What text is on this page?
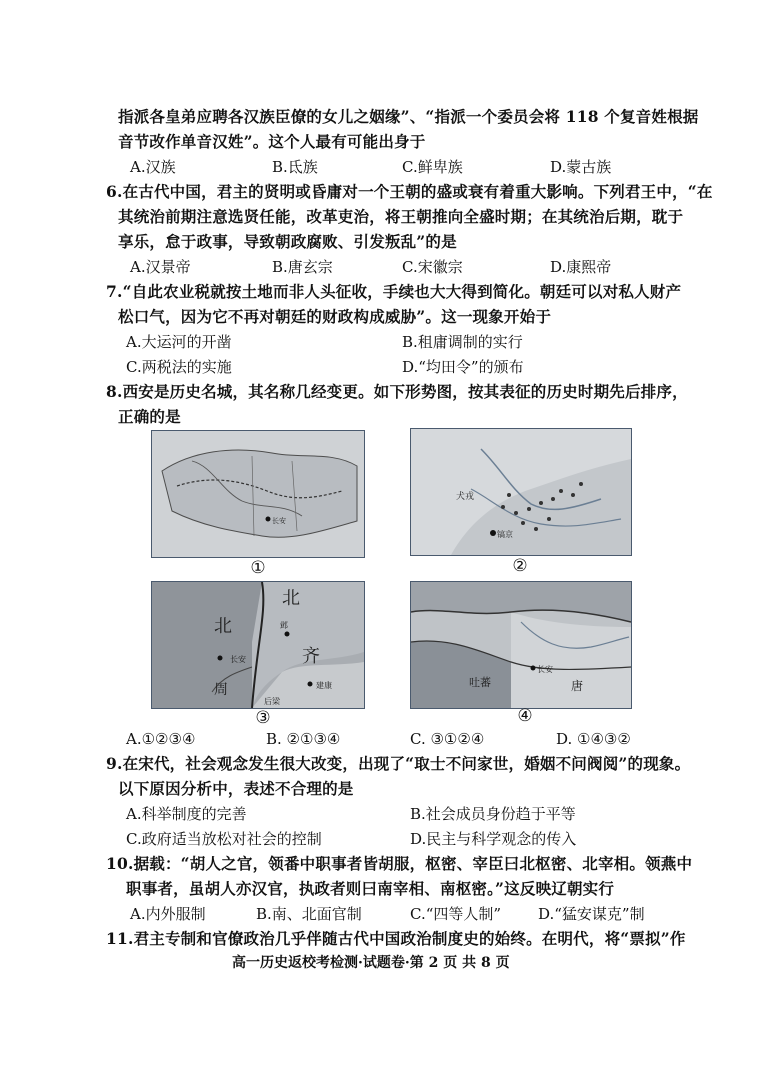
指派各皇弟应聘各汉族臣僚的女儿之姻缘”、“指派一个委员会将 118 个复音姓根据
音节改作单音汉姓”。这个人最有可能出身于
A.汉族	B.氐族	C.鲜卑族	D.蒙古族
6.在古代中国，君主的贤明或昏庸对一个王朝的盛或衰有着重大影响。下列君王中，“在
其统治前期注意选贤任能，改革吏治，将王朝推向全盛时期；在其统治后期，耽于
享乐，怠于政事，导致朝政腐败、引发叛乱”的是
A.汉景帝	B.唐玄宗	C.宋徽宗	D.康熙帝
7.“自此农业税就按土地而非人头征收，手续也大大得到简化。朝廷可以对私人财产
松口气，因为它不再对朝廷的财政构成威胁”。这一现象开始于
A.大运河的开凿	B.租庸调制的实行
C.两税法的实施	D.“均田令”的颁布
8.西安是历史名城，其名称几经变更。如下形势图，按其表征的历史时期先后排序，
正确的是
长安
①
犬戎
镐京
②
北
北
齐
长安
邺
周	建康
后梁
③
吐蕃
长安
唐
④
A.①②③④	B. ②①③④	C. ③①②④	D. ①④③②
9.在宋代，社会观念发生很大改变，出现了“取士不问家世，婚姻不问阀阅”的现象。
以下原因分析中，表述不合理的是
A.科举制度的完善	B.社会成员身份趋于平等
C.政府适当放松对社会的控制	D.民主与科学观念的传入
10.据载：“胡人之官，领番中职事者皆胡服，枢密、宰臣曰北枢密、北宰相。领燕中
职事者，虽胡人亦汉官，执政者则曰南宰相、南枢密。”这反映辽朝实行
A.内外服制	B.南、北面官制	C.“四等人制” D.“猛安谋克”制
11.君主专制和官僚政治几乎伴随古代中国政治制度史的始终。在明代，将“票拟”作
高一历史返校考检测·试题卷·第 2 页 共 8 页
